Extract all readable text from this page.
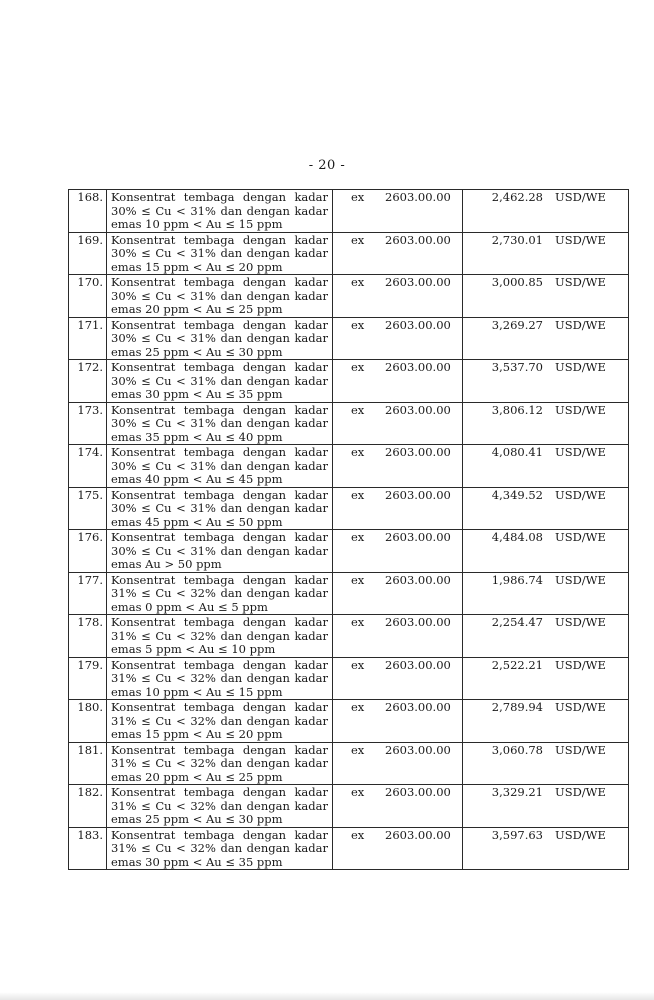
- 20 -
168.	Konsentrat tembaga dengan kadar
30% ≤ Cu < 31% dan dengan kadar
emas 10 ppm < Au ≤ 15 ppm	ex 2603.00.00	2,462.28 USD/WE
169.	Konsentrat tembaga dengan kadar
30% ≤ Cu < 31% dan dengan kadar
emas 15 ppm < Au ≤ 20 ppm	ex 2603.00.00	2,730.01 USD/WE
170.	Konsentrat tembaga dengan kadar
30% ≤ Cu < 31% dan dengan kadar
emas 20 ppm < Au ≤ 25 ppm	ex 2603.00.00	3,000.85 USD/WE
171.	Konsentrat tembaga dengan kadar
30% ≤ Cu < 31% dan dengan kadar
emas 25 ppm < Au ≤ 30 ppm	ex 2603.00.00	3,269.27 USD/WE
172.	Konsentrat tembaga dengan kadar
30% ≤ Cu < 31% dan dengan kadar
emas 30 ppm < Au ≤ 35 ppm	ex 2603.00.00	3,537.70 USD/WE
173.	Konsentrat tembaga dengan kadar
30% ≤ Cu < 31% dan dengan kadar
emas 35 ppm < Au ≤ 40 ppm	ex 2603.00.00	3,806.12 USD/WE
174.	Konsentrat tembaga dengan kadar
30% ≤ Cu < 31% dan dengan kadar
emas 40 ppm < Au ≤ 45 ppm	ex 2603.00.00	4,080.41 USD/WE
175.	Konsentrat tembaga dengan kadar
30% ≤ Cu < 31% dan dengan kadar
emas 45 ppm < Au ≤ 50 ppm	ex 2603.00.00	4,349.52 USD/WE
176.	Konsentrat tembaga dengan kadar
30% ≤ Cu < 31% dan dengan kadar
emas Au > 50 ppm	ex 2603.00.00	4,484.08 USD/WE
177.	Konsentrat tembaga dengan kadar
31% ≤ Cu < 32% dan dengan kadar
emas 0 ppm < Au ≤ 5 ppm	ex 2603.00.00	1,986.74 USD/WE
178.	Konsentrat tembaga dengan kadar
31% ≤ Cu < 32% dan dengan kadar
emas 5 ppm < Au ≤ 10 ppm	ex 2603.00.00	2,254.47 USD/WE
179.	Konsentrat tembaga dengan kadar
31% ≤ Cu < 32% dan dengan kadar
emas 10 ppm < Au ≤ 15 ppm	ex 2603.00.00	2,522.21 USD/WE
180.	Konsentrat tembaga dengan kadar
31% ≤ Cu < 32% dan dengan kadar
emas 15 ppm < Au ≤ 20 ppm	ex 2603.00.00	2,789.94 USD/WE
181.	Konsentrat tembaga dengan kadar
31% ≤ Cu < 32% dan dengan kadar
emas 20 ppm < Au ≤ 25 ppm	ex 2603.00.00	3,060.78 USD/WE
182.	Konsentrat tembaga dengan kadar
31% ≤ Cu < 32% dan dengan kadar
emas 25 ppm < Au ≤ 30 ppm	ex 2603.00.00	3,329.21 USD/WE
183.	Konsentrat tembaga dengan kadar
31% ≤ Cu < 32% dan dengan kadar
emas 30 ppm < Au ≤ 35 ppm	ex 2603.00.00	3,597.63 USD/WE
